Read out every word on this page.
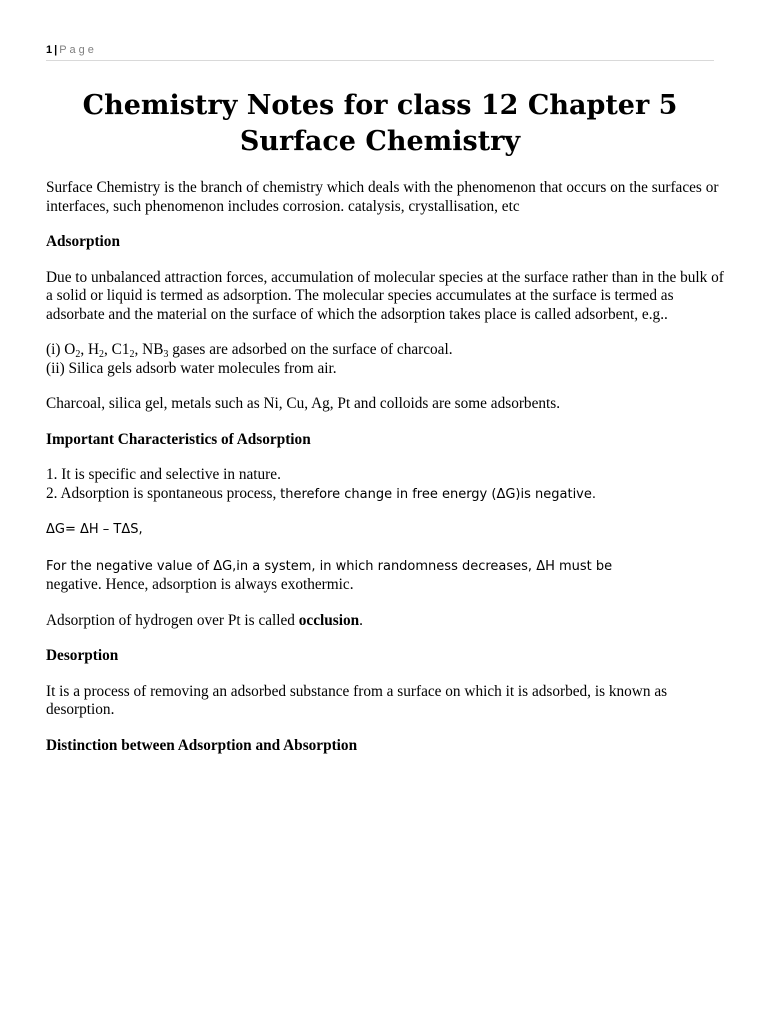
1 | Page
Chemistry Notes for class 12 Chapter 5
Surface Chemistry

Surface Chemistry is the branch of chemistry which deals with the phenomenon that occurs on the surfaces or interfaces, such phenomenon includes corrosion. catalysis, crystallisation, etc

Adsorption

Due to unbalanced attraction forces, accumulation of molecular species at the surface rather than in the bulk of a solid or liquid is termed as adsorption. The molecular species accumulates at the surface is termed as adsorbate and the material on the surface of which the adsorption takes place is called adsorbent, e.g..

(i) $O_2$, $H_2$, $C1_2$, $NB_3$ gases are adsorbed on the surface of charcoal.
(ii) Silica gels adsorb water molecules from air.

Charcoal, silica gel, metals such as Ni, Cu, Ag, Pt and colloids are some adsorbents.

Important Characteristics of Adsorption

1. It is specific and selective in nature.
2. Adsorption is spontaneous process, therefore change in free energy (ΔG)is negative.

ΔG= ΔH – TΔS,

For the negative value of ΔG,in a system, in which randomness decreases, ΔH must be
negative. Hence, adsorption is always exothermic.

Adsorption of hydrogen over Pt is called occlusion.

Desorption

It is a process of removing an adsorbed substance from a surface on which it is adsorbed, is known as desorption.

Distinction between Adsorption and Absorption
